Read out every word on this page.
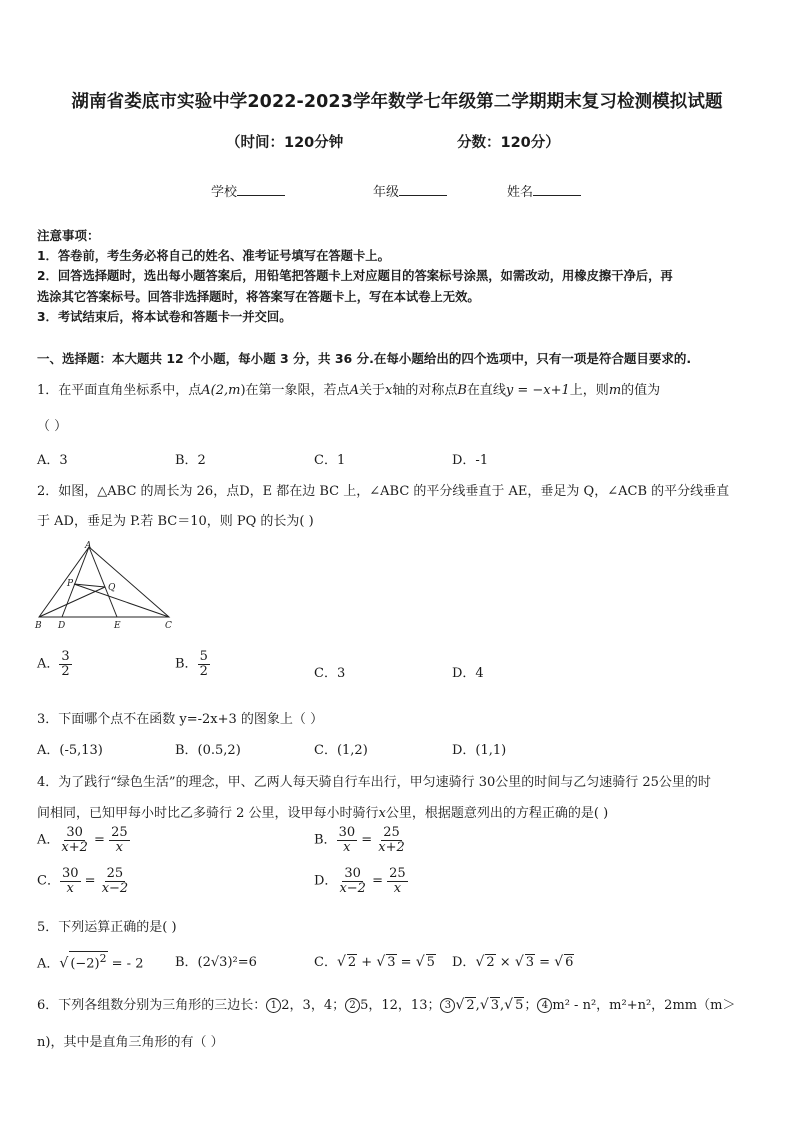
湖南省娄底市实验中学2022-2023学年数学七年级第二学期期末复习检测模拟试题
（时间：120分钟	分数：120分）
学校	年级	姓名
注意事项：
1．答卷前，考生务必将自己的姓名、准考证号填写在答题卡上。
2．回答选择题时，选出每小题答案后，用铅笔把答题卡上对应题目的答案标号涂黑，如需改动，用橡皮擦干净后，再
选涂其它答案标号。回答非选择题时，将答案写在答题卡上，写在本试卷上无效。
3．考试结束后，将本试卷和答题卡一并交回。
一、选择题：本大题共 12 个小题，每小题 3 分，共 36 分.在每小题给出的四个选项中，只有一项是符合题目要求的.
1．在平面直角坐标系中，点A(2,m)在第一象限，若点A关于x轴的对称点B在直线y = −x+1上，则m的值为
（ ）
A．3	B．2	C．1	D．-1
2．如图，△ABC 的周长为 26，点D，E 都在边 BC 上，∠ABC 的平分线垂直于 AE，垂足为 Q，∠ACB 的平分线垂直
于 AD，垂足为 P.若 BC＝10，则 PQ 的长为( )
A
B D	E	C
P	Q
A． $\frac{3}{2}$	B． $\frac{5}{2}$	C．3	D．4
3．下面哪个点不在函数 y=-2x+3 的图象上（ ）
A．(-5,13)	B．(0.5,2)	C．(1,2)	D．(1,1)
4．为了践行“绿色生活”的理念，甲、乙两人每天骑自行车出行，甲匀速骑行 30公里的时间与乙匀速骑行 25公里的时
间相同，已知甲每小时比乙多骑行 2 公里，设甲每小时骑行x公里，根据题意列出的方程正确的是( )
A． $\frac{30}{x+2} = \frac{25}{x}$	B． $\frac{30}{x} = \frac{25}{x+2}$
C． $\frac{30}{x} = \frac{25}{x-2}$	D． $\frac{30}{x-2} = \frac{25}{x}$
5．下列运算正确的是( )
A．√ $(-2)^2$ = - 2 B．(2√3)²=6	C．√ 2 + √ 3 = √ 5 D．√ 2 × √ 3 = √ 6
6．下列各组数分别为三角形的三边长： 1 2，3，4； 2 5，12，13； 3 √ 2,√ 3,√ 5； 4 m² - n²，m²+n²，2mm（m＞
n)，其中是直角三角形的有（ ）
